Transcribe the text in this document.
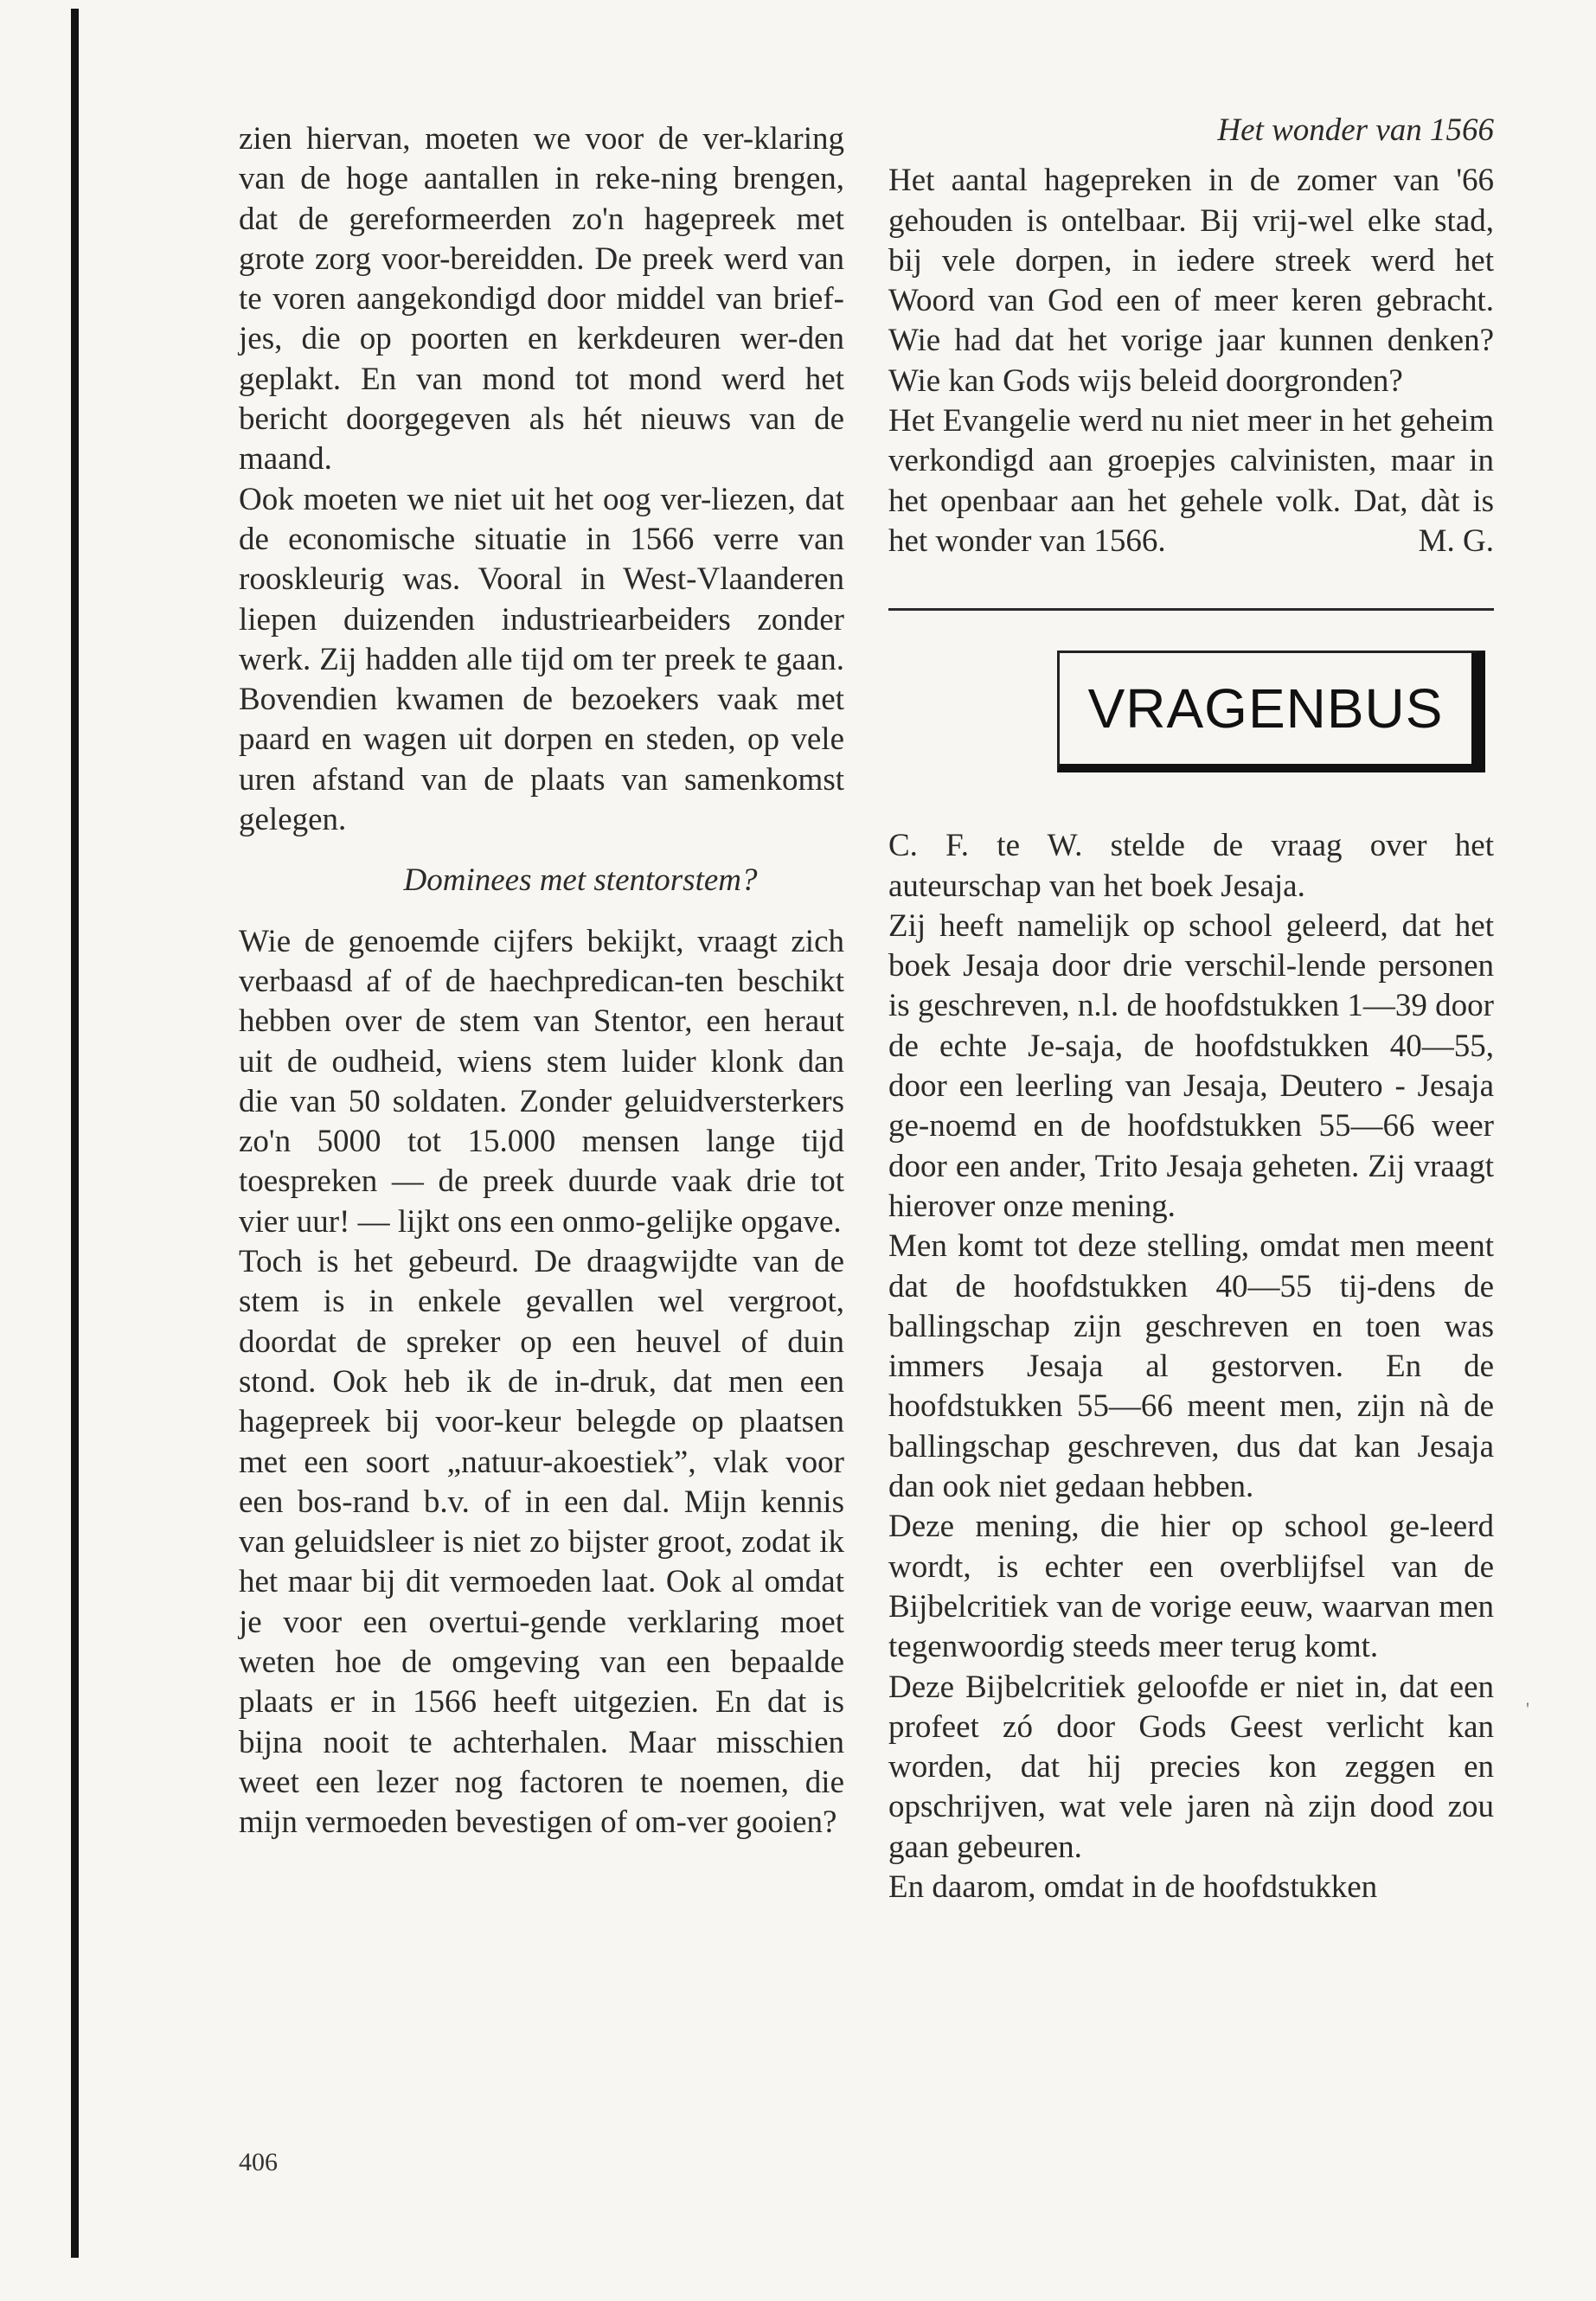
zien hiervan, moeten we voor de ver-klaring van de hoge aantallen in reke-ning brengen, dat de gereformeerden zo'n hagepreek met grote zorg voor-bereidden. De preek werd van te voren aangekondigd door middel van brief-jes, die op poorten en kerkdeuren wer-den geplakt. En van mond tot mond werd het bericht doorgegeven als hét nieuws van de maand.

Ook moeten we niet uit het oog ver-liezen, dat de economische situatie in 1566 verre van rooskleurig was. Vooral in West-Vlaanderen liepen duizenden industriearbeiders zonder werk. Zij hadden alle tijd om ter preek te gaan. Bovendien kwamen de bezoekers vaak met paard en wagen uit dorpen en steden, op vele uren afstand van de plaats van samenkomst gelegen.

Dominees met stentorstem?

Wie de genoemde cijfers bekijkt, vraagt zich verbaasd af of de haechpredican-ten beschikt hebben over de stem van Stentor, een heraut uit de oudheid, wiens stem luider klonk dan die van 50 soldaten. Zonder geluidversterkers zo'n 5000 tot 15.000 mensen lange tijd toespreken — de preek duurde vaak drie tot vier uur! — lijkt ons een onmo-gelijke opgave.

Toch is het gebeurd. De draagwijdte van de stem is in enkele gevallen wel vergroot, doordat de spreker op een heuvel of duin stond. Ook heb ik de in-druk, dat men een hagepreek bij voor-keur belegde op plaatsen met een soort „natuur-akoestiek”, vlak voor een bos-rand b.v. of in een dal. Mijn kennis van geluidsleer is niet zo bijster groot, zodat ik het maar bij dit vermoeden laat. Ook al omdat je voor een overtui-gende verklaring moet weten hoe de omgeving van een bepaalde plaats er in 1566 heeft uitgezien. En dat is bijna nooit te achterhalen. Maar misschien weet een lezer nog factoren te noemen, die mijn vermoeden bevestigen of om-ver gooien?

Het wonder van 1566

Het aantal hagepreken in de zomer van '66 gehouden is ontelbaar. Bij vrij-wel elke stad, bij vele dorpen, in iedere streek werd het Woord van God een of meer keren gebracht. Wie had dat het vorige jaar kunnen denken? Wie kan Gods wijs beleid doorgronden?

Het Evangelie werd nu niet meer in het geheim verkondigd aan groepjes calvinisten, maar in het openbaar aan het gehele volk. Dat, dàt is het wonder van 1566.	M. G.

VRAGENBUS

C. F. te W. stelde de vraag over het auteurschap van het boek Jesaja.

Zij heeft namelijk op school geleerd, dat het boek Jesaja door drie verschil-lende personen is geschreven, n.l. de hoofdstukken 1—39 door de echte Je-saja, de hoofdstukken 40—55, door een leerling van Jesaja, Deutero - Jesaja ge-noemd en de hoofdstukken 55—66 weer door een ander, Trito Jesaja geheten. Zij vraagt hierover onze mening.

Men komt tot deze stelling, omdat men meent dat de hoofdstukken 40—55 tij-dens de ballingschap zijn geschreven en toen was immers Jesaja al gestorven. En de hoofdstukken 55—66 meent men, zijn nà de ballingschap geschreven, dus dat kan Jesaja dan ook niet gedaan hebben.

Deze mening, die hier op school ge-leerd wordt, is echter een overblijfsel van de Bijbelcritiek van de vorige eeuw, waarvan men tegenwoordig steeds meer terug komt.

Deze Bijbelcritiek geloofde er niet in, dat een profeet zó door Gods Geest verlicht kan worden, dat hij precies kon zeggen en opschrijven, wat vele jaren nà zijn dood zou gaan gebeuren.

En daarom, omdat in de hoofdstukken

'
406
